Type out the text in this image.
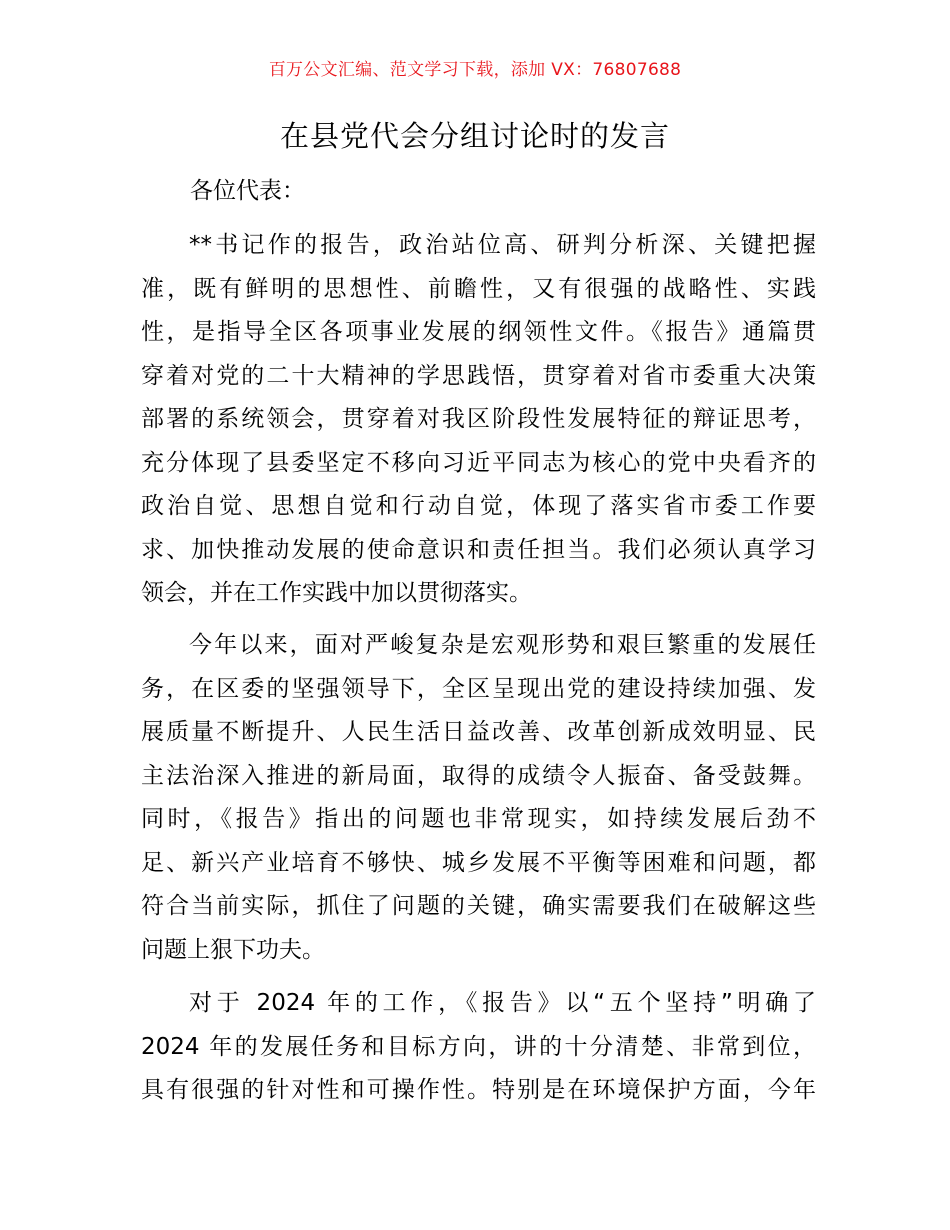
百万公文汇编、范文学习下载，添加 VX：76807688
在县党代会分组讨论时的发言
各位代表：
**书记作的报告，政治站位高、研判分析深、关键把握
准，既有鲜明的思想性、前瞻性，又有很强的战略性、实践
性，是指导全区各项事业发展的纲领性文件。《报告》通篇贯
穿着对党的二十大精神的学思践悟，贯穿着对省市委重大决策
部署的系统领会，贯穿着对我区阶段性发展特征的辩证思考，
充分体现了县委坚定不移向习近平同志为核心的党中央看齐的
政治自觉、思想自觉和行动自觉，体现了落实省市委工作要
求、加快推动发展的使命意识和责任担当。我们必须认真学习
领会，并在工作实践中加以贯彻落实。
今年以来，面对严峻复杂是宏观形势和艰巨繁重的发展任
务，在区委的坚强领导下，全区呈现出党的建设持续加强、发
展质量不断提升、人民生活日益改善、改革创新成效明显、民
主法治深入推进的新局面，取得的成绩令人振奋、备受鼓舞。
同时，《报告》指出的问题也非常现实，如持续发展后劲不
足、新兴产业培育不够快、城乡发展不平衡等困难和问题，都
符合当前实际，抓住了问题的关键，确实需要我们在破解这些
问题上狠下功夫。
对于 2024 年的工作，《报告》以“五个坚持”明确了
2024 年的发展任务和目标方向，讲的十分清楚、非常到位，
具有很强的针对性和可操作性。特别是在环境保护方面，今年
